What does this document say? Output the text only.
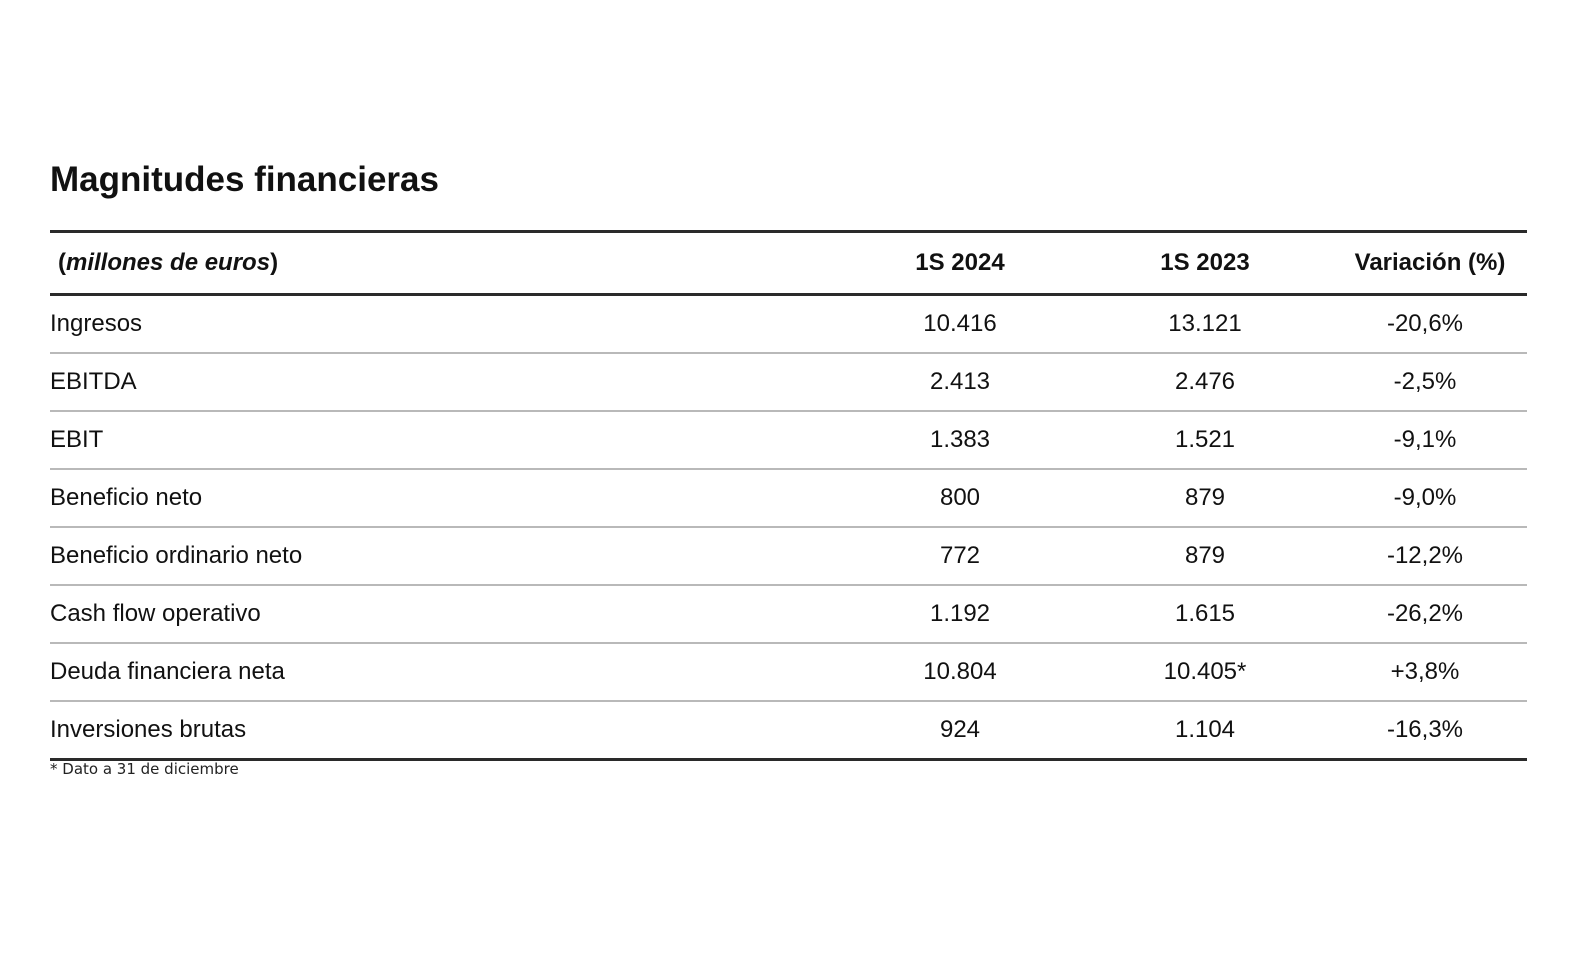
Magnitudes financieras
( millones de euros )	1S 2024	1S 2023	Variación (%)
Ingresos	10.416	13.121	-20,6%
EBITDA	2.413	2.476	-2,5%
EBIT	1.383	1.521	-9,1%
Beneficio neto	800	879	-9,0%
Beneficio ordinario neto	772	879	-12,2%
Cash flow operativo	1.192	1.615	-26,2%
Deuda financiera neta	10.804	10.405*	+3,8%
Inversiones brutas	924	1.104	-16,3%
* Dato a 31 de diciembre
